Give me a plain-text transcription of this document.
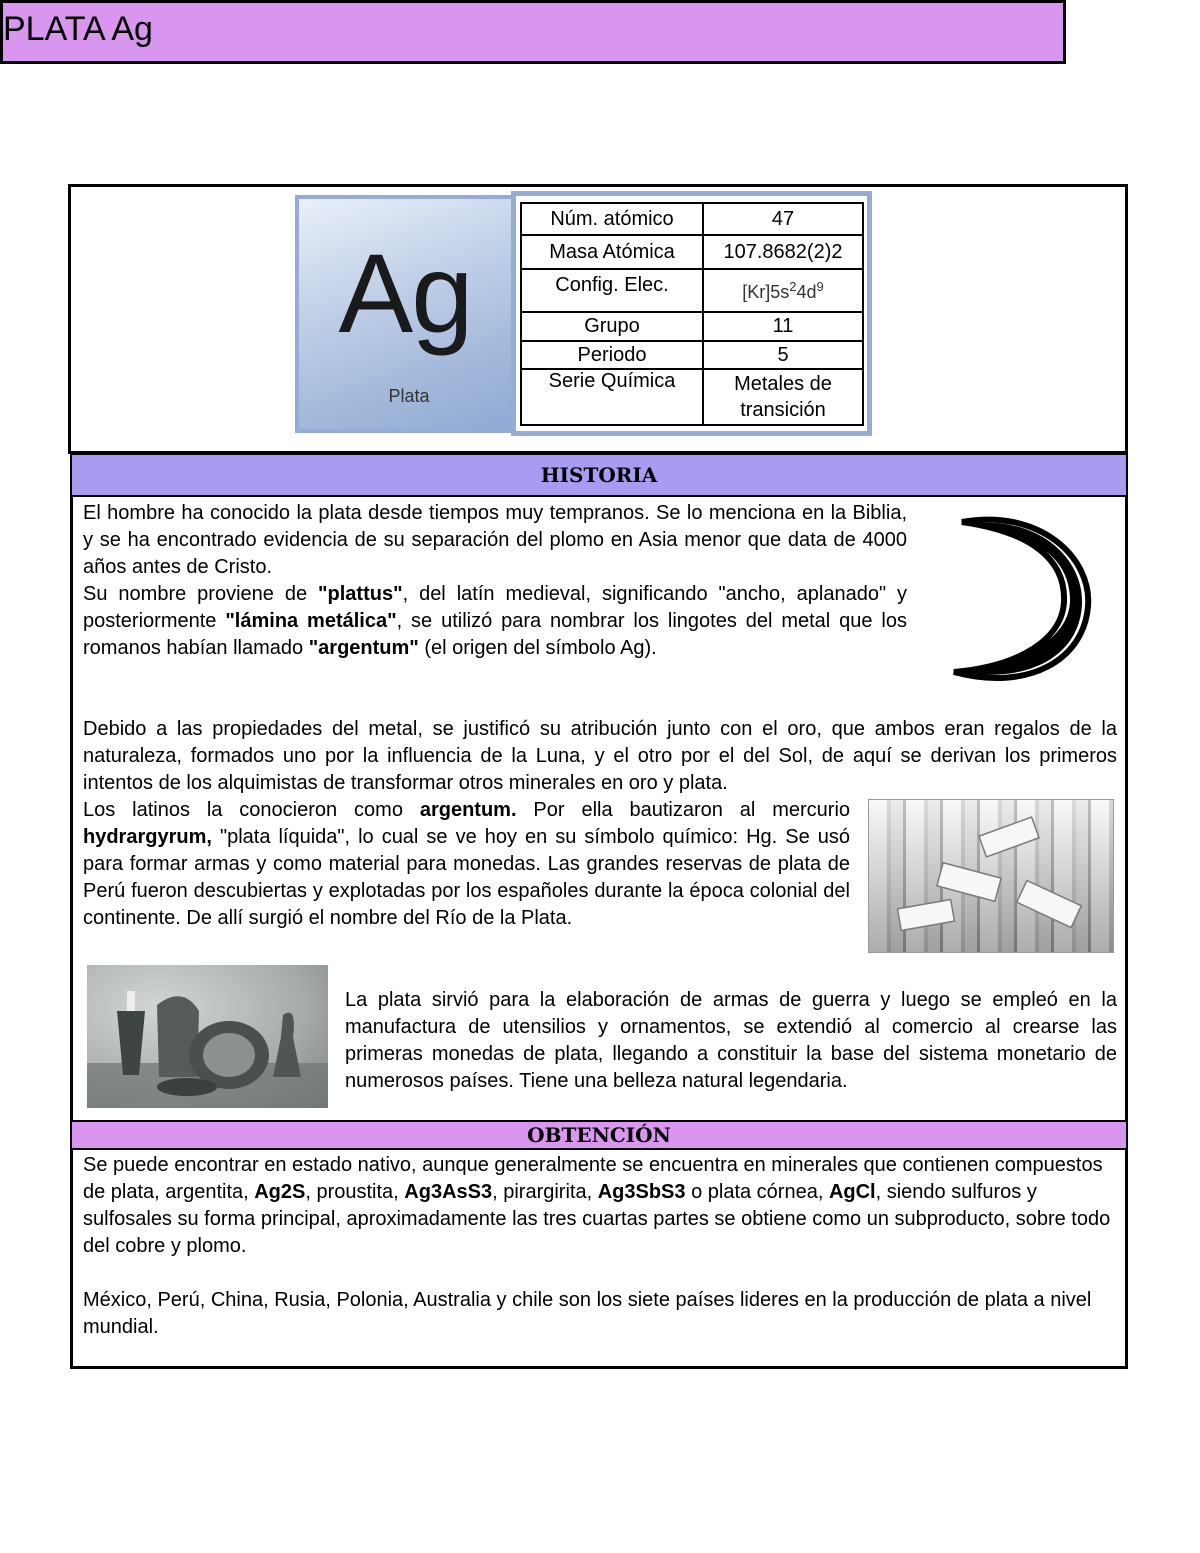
PLATA Ag
Ag
Plata
Núm. atómico	47
Masa Atómica	107.8682(2)2
Config. Elec.	$[Kr]5s^24d^9$
Grupo	11
Periodo	5
Serie Química	Metales de transición
HISTORIA

El hombre ha conocido la plata desde tiempos muy tempranos. Se lo menciona en la Biblia, y se ha encontrado evidencia de su separación del plomo en Asia menor que data de 4000 años antes de Cristo.

Su nombre proviene de "plattus", del latín medieval, significando "ancho, aplanado" y posteriormente "lámina metálica", se utilizó para nombrar los lingotes del metal que los romanos habían llamado "argentum" (el origen del símbolo Ag).

Debido a las propiedades del metal, se justificó su atribución junto con el oro, que ambos eran regalos de la naturaleza, formados uno por la influencia de la Luna, y el otro por el del Sol, de aquí se derivan los primeros intentos de los alquimistas de transformar otros minerales en oro y plata.
Los latinos la conocieron como argentum. Por ella bautizaron al mercurio hydrargyrum, "plata líquida", lo cual se ve hoy en su símbolo químico: Hg. Se usó para formar armas y como material para monedas. Las grandes reservas de plata de Perú fueron descubiertas y explotadas por los españoles durante la época colonial del continente. De allí surgió el nombre del Río de la Plata.
La plata sirvió para la elaboración de armas de guerra y luego se empleó en la manufactura de utensilios y ornamentos, se extendió al comercio al crearse las primeras monedas de plata, llegando a constituir la base del sistema monetario de numerosos países. Tiene una belleza natural legendaria.
OBTENCIÓN

Se puede encontrar en estado nativo, aunque generalmente se encuentra en minerales que contienen compuestos de plata, argentita, Ag2S, proustita, Ag3AsS3, pirargirita, Ag3SbS3 o plata córnea, AgCl, siendo sulfuros y sulfosales su forma principal, aproximadamente las tres cuartas partes se obtiene como un subproducto, sobre todo del cobre y plomo.

México, Perú, China, Rusia, Polonia, Australia y chile son los siete países lideres en la producción de plata a nivel mundial.
